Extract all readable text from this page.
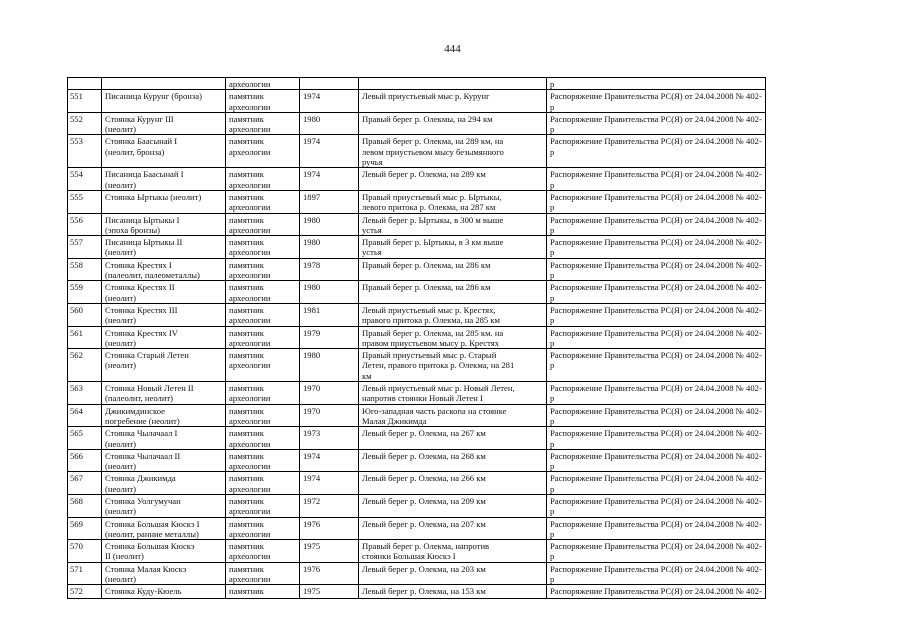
444
		археологии			р
551	Писаница Курунг (бронза)	памятник
археологии	1974	Левый приустьевый мыс р. Курунг	Распоряжение Правительства РС(Я) от 24.04.2008 № 402-
р
552	Стоянка Курунг III
(неолит)	памятник
археологии	1980	Правый берег р. Олекмы, на 294 км	Распоряжение Правительства РС(Я) от 24.04.2008 № 402-
р
553	Стоянка Баасынай I
(неолит, бронза)	памятник
археологии	1974	Правый берег р. Олекма, на 289 км, на
левом приустьевом мысу безымянного
ручья	Распоряжение Правительства РС(Я) от 24.04.2008 № 402-
р
554	Писаница Баасынай I
(неолит)	памятник
археологии	1974	Левый берег р. Олекма, на 289 км	Распоряжение Правительства РС(Я) от 24.04.2008 № 402-
р
555	Стоянка Ыртыкы (неолит)	памятник
археологии	1897	Правый приустьевый мыс р. Ыртыкы,
левого притока р. Олекма, на 287 км	Распоряжение Правительства РС(Я) от 24.04.2008 № 402-
р
556	Писаница Ыртыкы I
(эпоха бронзы)	памятник
археологии	1980	Левый берег р. Ыртыкы, в 300 м выше
устья	Распоряжение Правительства РС(Я) от 24.04.2008 № 402-
р
557	Писаница Ыртыкы II
(неолит)	памятник
археологии	1980	Правый берег р. Ыртыкы, в 3 км выше
устья	Распоряжение Правительства РС(Я) от 24.04.2008 № 402-
р
558	Стоянка Крестях I
(палеолит, палеометаллы)	памятник
археологии	1978	Правый берег р. Олекма, на 286 км	Распоряжение Правительства РС(Я) от 24.04.2008 № 402-
р
559	Стоянка Крестях II
(неолит)	памятник
археологии	1980	Правый берег р. Олекма, на 286 км	Распоряжение Правительства РС(Я) от 24.04.2008 № 402-
р
560	Стоянка Крестях III
(неолит)	памятник
археологии	1981	Левый приустьевый мыс р. Крестях,
правого притока р. Олекма, на 285 км	Распоряжение Правительства РС(Я) от 24.04.2008 № 402-
р
561	Стоянка Крестях IV
(неолит)	памятник
археологии	1979	Правый берег р. Олекма, на 285 км. на
правом приустьевом мысу р. Крестях	Распоряжение Правительства РС(Я) от 24.04.2008 № 402-
р
562	Стоянка Старый Летен
(неолит)	памятник
археологии	1980	Правый приустьевый мыс р. Старый
Летен, правого притока р. Олекма, на 281
км	Распоряжение Правительства РС(Я) от 24.04.2008 № 402-
р
563	Стоянка Новый Летен II
(палеолит, неолит)	памятник
археологии	1970	Левый приустьевый мыс р. Новый Летен,
напротив стоянки Новый Летен I	Распоряжение Правительства РС(Я) от 24.04.2008 № 402-
р
564	Джикимдинское
погребение (неолит)	памятник
археологии	1970	Юго-западная часть раскопа на стоянке
Малая Джикимда	Распоряжение Правительства РС(Я) от 24.04.2008 № 402-
р
565	Стоянка Чылачаал I
(неолит)	памятник
археологии	1973	Левый берег р. Олекма, на 267 км	Распоряжение Правительства РС(Я) от 24.04.2008 № 402-
р
566	Стоянка Чылачаал II
(неолит)	памятник
археологии	1974	Левый берег р. Олекма, на 268 км	Распоряжение Правительства РС(Я) от 24.04.2008 № 402-
р
567	Стоянка Джикимда
(неолит)	памятник
археологии	1974	Левый берег р. Олекма, на 266 км	Распоряжение Правительства РС(Я) от 24.04.2008 № 402-
р
568	Стоянка Уолгумучан
(неолит)	памятник
археологии	1972	Левый берег р. Олекма, на 209 км	Распоряжение Правительства РС(Я) от 24.04.2008 № 402-
р
569	Стоянка Большая Кюскэ I
(неолит, ранние металлы)	памятник
археологии	1976	Левый берег р. Олекма, на 207 км	Распоряжение Правительства РС(Я) от 24.04.2008 № 402-
р
570	Стоянка Большая Кюскэ
II (неолит)	памятник
археологии	1975	Правый берег р. Олекма, напротив
стоянки Большая Кюскэ I	Распоряжение Правительства РС(Я) от 24.04.2008 № 402-
р
571	Стоянка Малая Кюскэ
(неолит)	памятник
археологии	1976	Левый берег р. Олекма, на 203 км	Распоряжение Правительства РС(Я) от 24.04.2008 № 402-
р
572	Стоянка Куду-Кюель	памятник	1975	Левый берег р. Олекма, на 153 км	Распоряжение Правительства РС(Я) от 24.04.2008 № 402-
